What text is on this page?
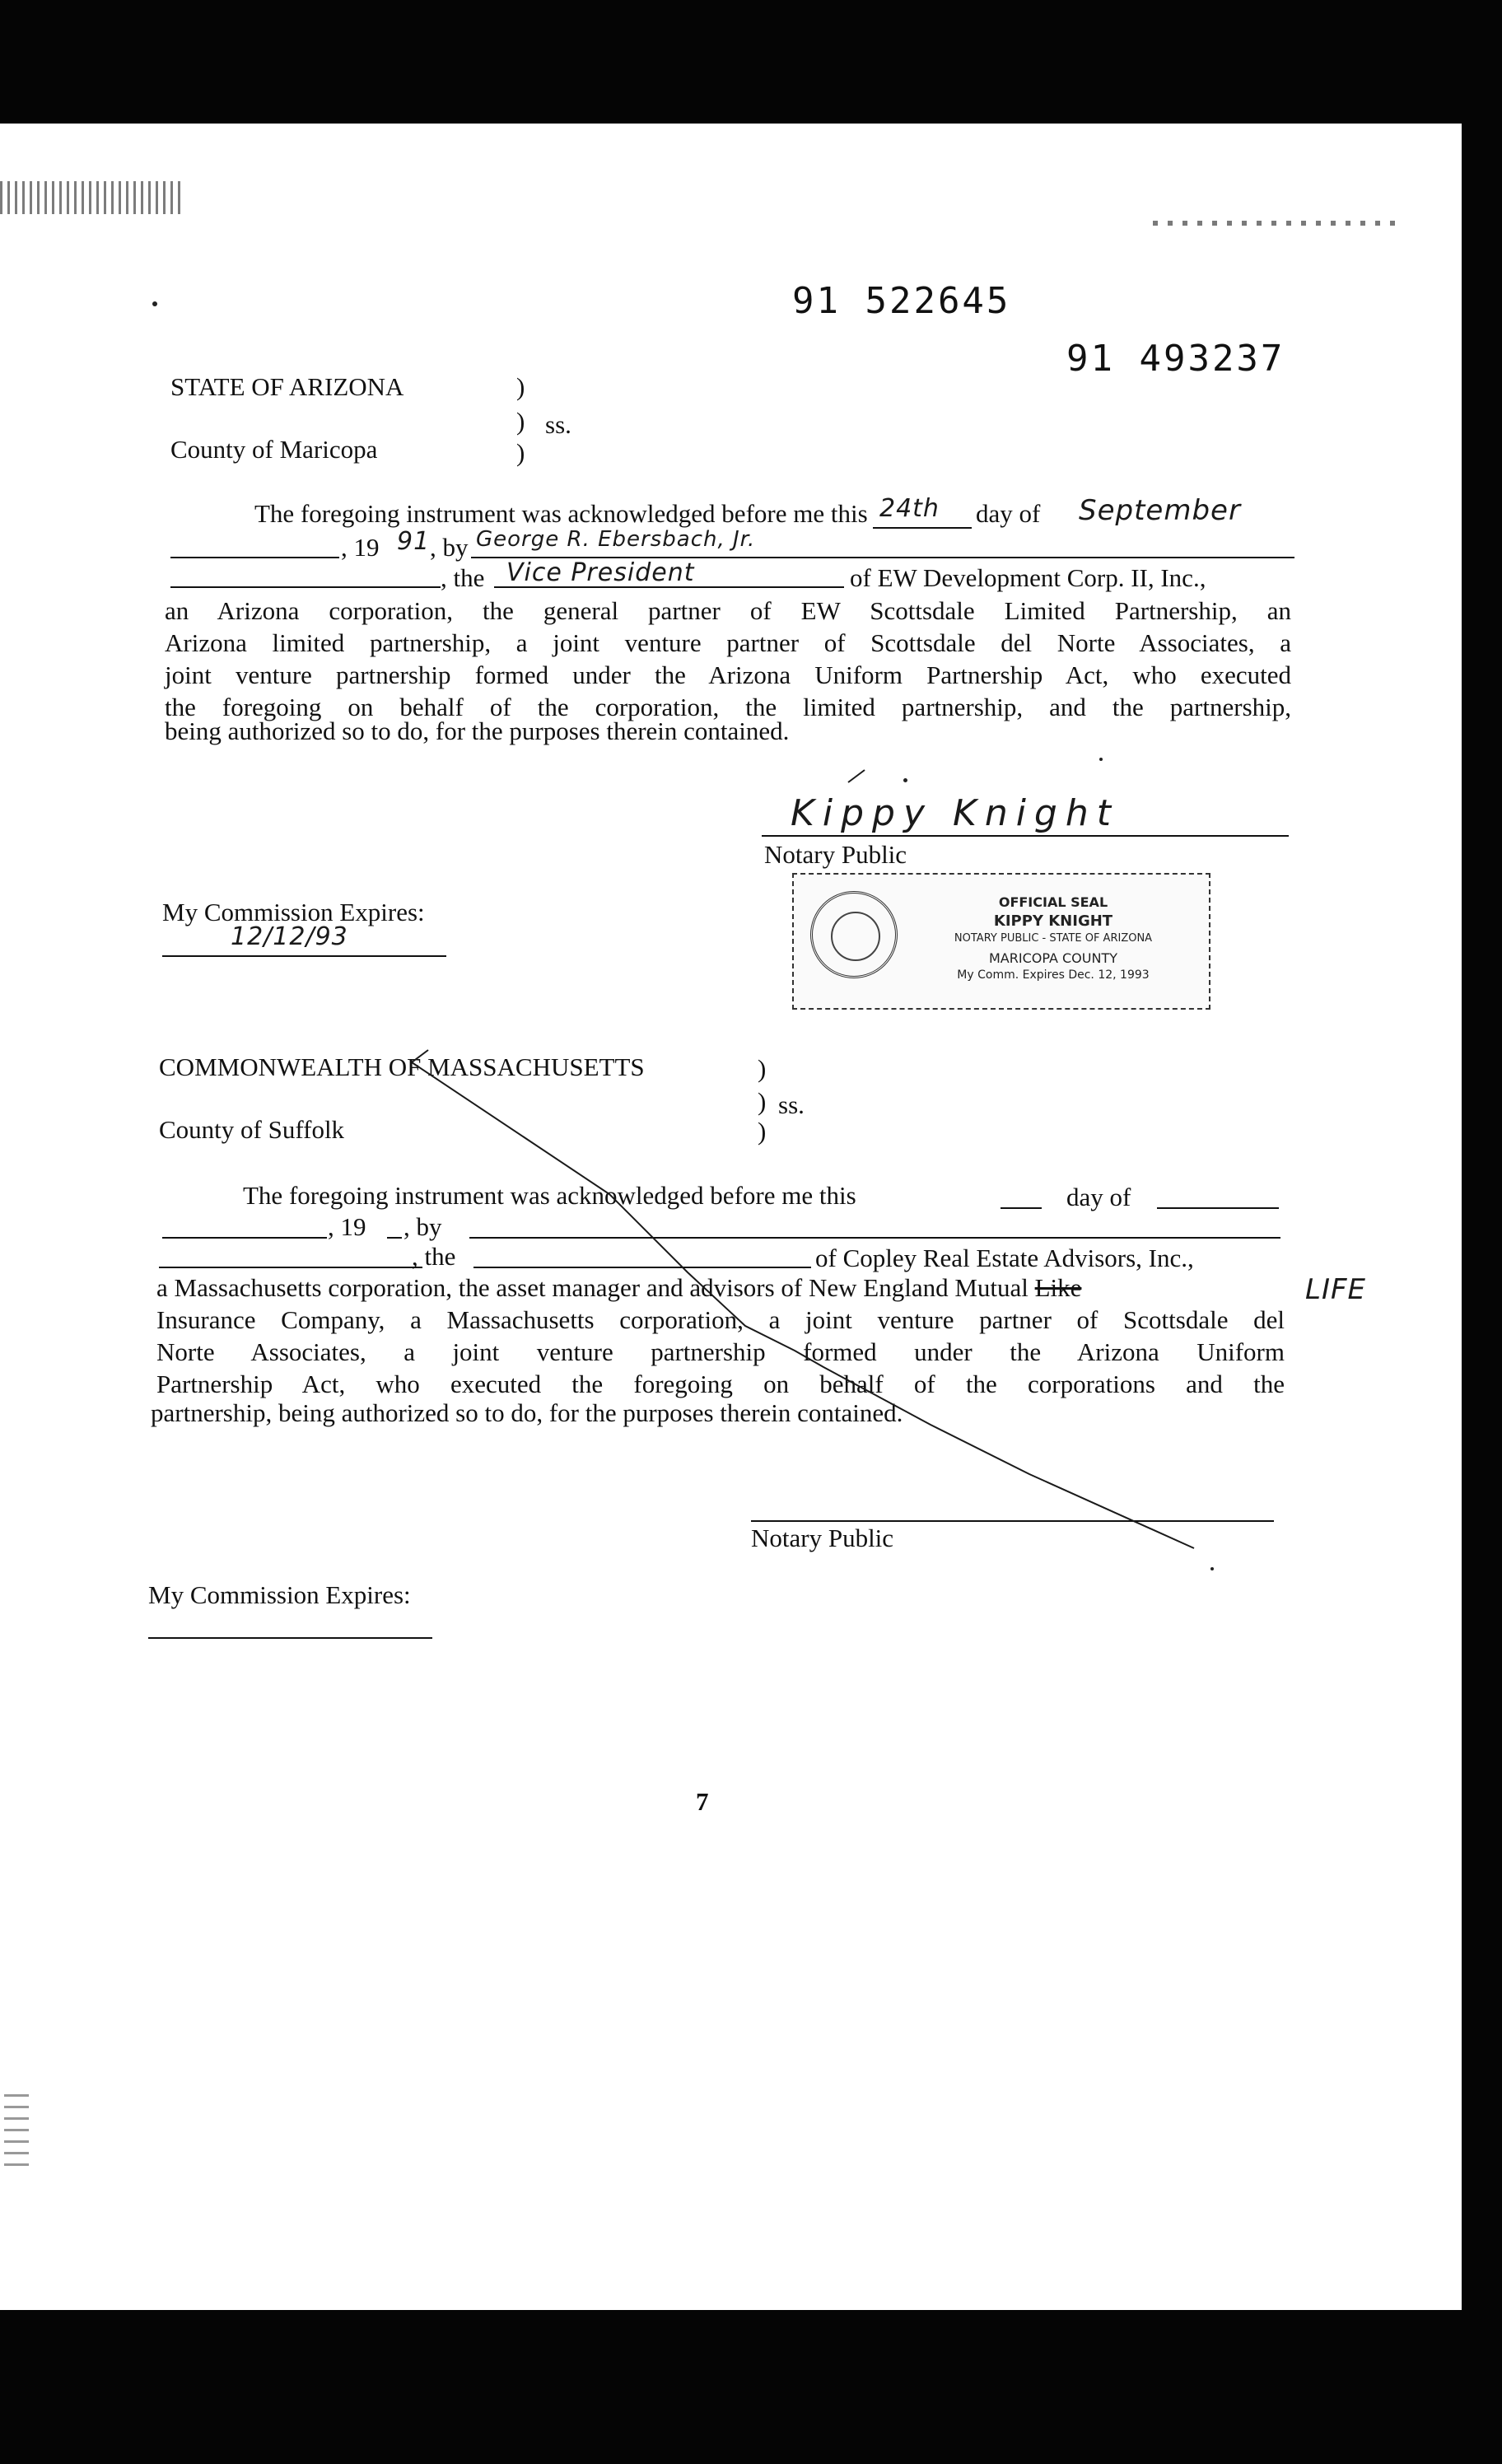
91 522645
91 493237
STATE OF ARIZONA	)
)
)
ss.
County of Maricopa
The foregoing instrument was acknowledged before me this 24th day of September
, 19 91 , by George R. Ebersbach, Jr.
, the Vice President	of EW Development Corp. II, Inc.,
an Arizona corporation, the general partner of EW Scottsdale Limited Partnership, an
Arizona limited partnership, a joint venture partner of Scottsdale del Norte Associates, a
joint venture partnership formed under the Arizona Uniform Partnership Act, who executed
the foregoing on behalf of the corporation, the limited partnership, and the partnership,
being authorized so to do, for the purposes therein contained.
Kippy Knight
Notary Public
My Commission Expires:
12/12/93
OFFICIAL SEAL
KIPPY KNIGHT
NOTARY PUBLIC - STATE OF ARIZONA
MARICOPA COUNTY
My Comm. Expires Dec. 12, 1993
COMMONWEALTH OF MASSACHUSETTS	)
)
)
ss.
County of Suffolk
The foregoing instrument was acknowledged before me this	day of
, 19 , by
, the	of Copley Real Estate Advisors, Inc.,
a Massachusetts corporation, the asset manager and advisors of New England Mutual Like	LIFE
Insurance Company, a Massachusetts corporation, a joint venture partner of Scottsdale del
Norte Associates, a joint venture partnership formed under the Arizona Uniform
Partnership Act, who executed the foregoing on behalf of the corporations and the
partnership, being authorized so to do, for the purposes therein contained.
Notary Public
My Commission Expires:
7
